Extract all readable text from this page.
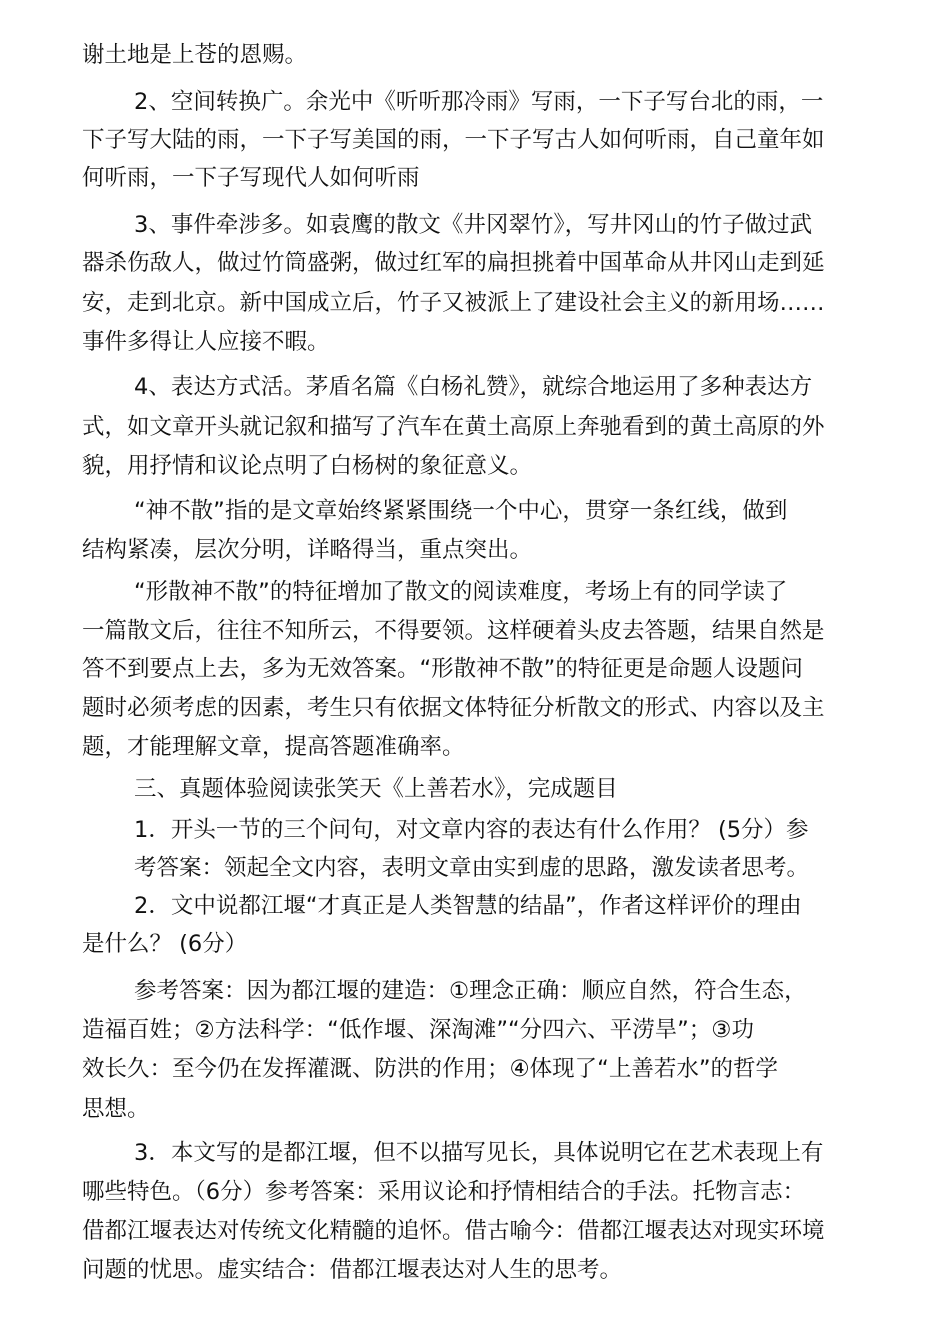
谢土地是上苍的恩赐。
2、空间转换广。余光中《听听那冷雨》写雨，一下子写台北的雨，一
下子写大陆的雨，一下子写美国的雨，一下子写古人如何听雨，自己童年如
何听雨，一下子写现代人如何听雨
3、事件牵涉多。如袁鹰的散文《井冈翠竹》，写井冈山的竹子做过武
器杀伤敌人，做过竹筒盛粥，做过红军的扁担挑着中国革命从井冈山走到延
安，走到北京。新中国成立后，竹子又被派上了建设社会主义的新用场……
事件多得让人应接不暇。
4、表达方式活。茅盾名篇《白杨礼赞》，就综合地运用了多种表达方
式，如文章开头就记叙和描写了汽车在黄土高原上奔驰看到的黄土高原的外
貌，用抒情和议论点明了白杨树的象征意义。
“神不散”指的是文章始终紧紧围绕一个中心，贯穿一条红线，做到
结构紧凑，层次分明，详略得当，重点突出。
“形散神不散”的特征增加了散文的阅读难度，考场上有的同学读了
一篇散文后，往往不知所云，不得要领。这样硬着头皮去答题，结果自然是
答不到要点上去，多为无效答案。“形散神不散”的特征更是命题人设题问
题时必须考虑的因素，考生只有依据文体特征分析散文的形式、内容以及主
题，才能理解文章，提高答题准确率。
三、真题体验阅读张笑天《上善若水》，完成题目
1．开头一节的三个问句，对文章内容的表达有什么作用？ (5分）参
考答案：领起全文内容，表明文章由实到虚的思路，激发读者思考。
2．文中说都江堰“才真正是人类智慧的结晶”，作者这样评价的理由
是什么？ (6分）
参考答案：因为都江堰的建造：①理念正确：顺应自然，符合生态，
造福百姓；②方法科学：“低作堰、深淘滩”“分四六、平涝旱”；③功
效长久：至今仍在发挥灌溉、防洪的作用；④体现了“上善若水”的哲学
思想。
3．本文写的是都江堰，但不以描写见长，具体说明它在艺术表现上有
哪些特色。（6分）参考答案：采用议论和抒情相结合的手法。托物言志：
借都江堰表达对传统文化精髓的追怀。借古喻今：借都江堰表达对现实环境
问题的忧思。虚实结合：借都江堰表达对人生的思考。
